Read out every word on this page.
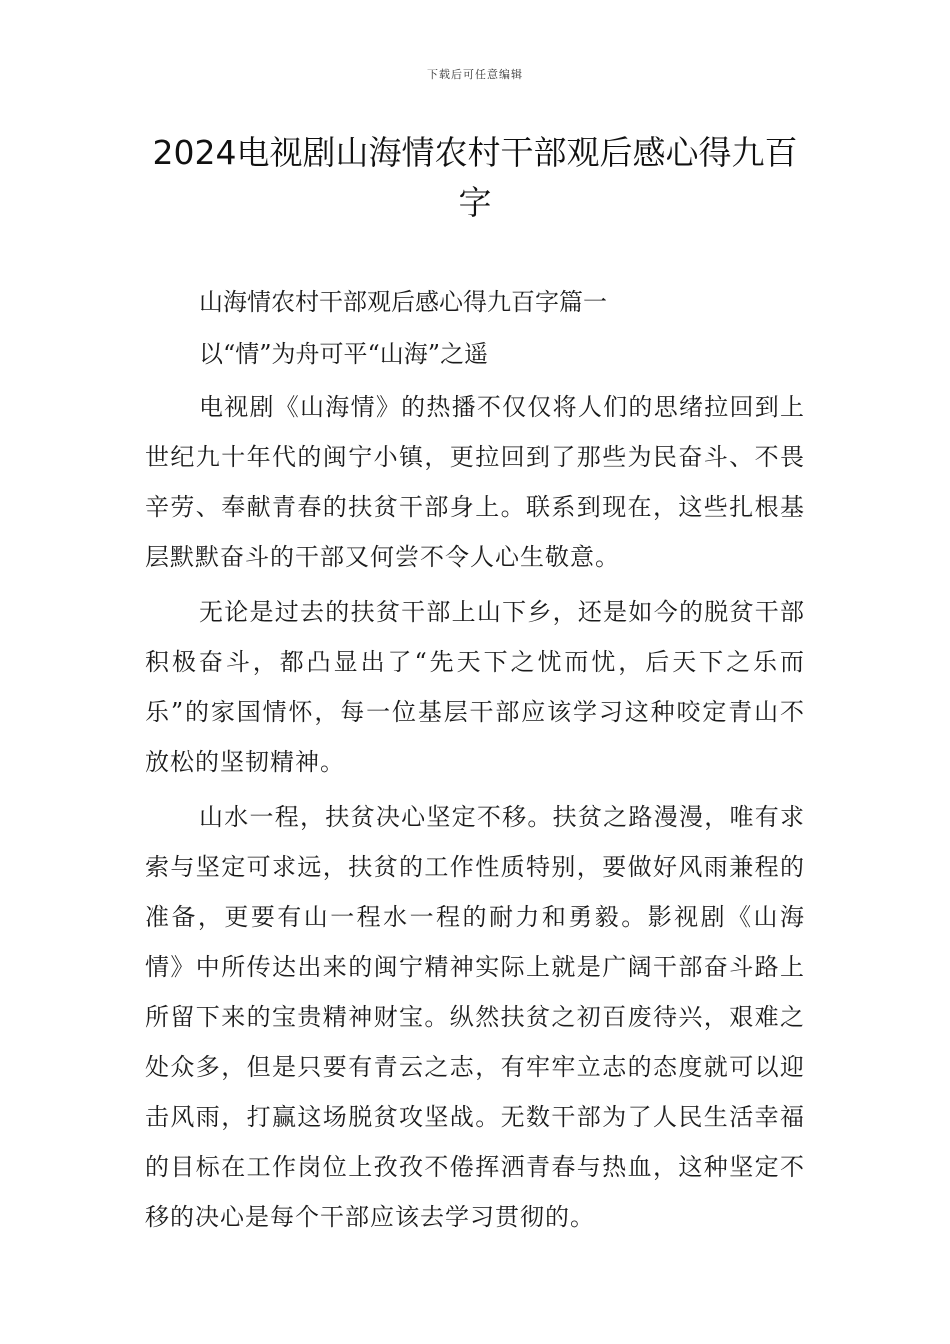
下载后可任意编辑
2024电视剧山海情农村干部观后感心得九百字

山海情农村干部观后感心得九百字篇一

以“情”为舟可平“山海”之遥

电视剧《山海情》的热播不仅仅将人们的思绪拉回到上世纪九十年代的闽宁小镇，更拉回到了那些为民奋斗、不畏辛劳、奉献青春的扶贫干部身上。联系到现在，这些扎根基层默默奋斗的干部又何尝不令人心生敬意。

无论是过去的扶贫干部上山下乡，还是如今的脱贫干部积极奋斗，都凸显出了“先天下之忧而忧，后天下之乐而乐”的家国情怀，每一位基层干部应该学习这种咬定青山不放松的坚韧精神。

山水一程，扶贫决心坚定不移。扶贫之路漫漫，唯有求索与坚定可求远，扶贫的工作性质特别，要做好风雨兼程的准备，更要有山一程水一程的耐力和勇毅。影视剧《山海情》中所传达出来的闽宁精神实际上就是广阔干部奋斗路上所留下来的宝贵精神财宝。纵然扶贫之初百废待兴，艰难之处众多，但是只要有青云之志，有牢牢立志的态度就可以迎击风雨，打赢这场脱贫攻坚战。无数干部为了人民生活幸福的目标在工作岗位上孜孜不倦挥洒青春与热血，这种坚定不移的决心是每个干部应该去学习贯彻的。
